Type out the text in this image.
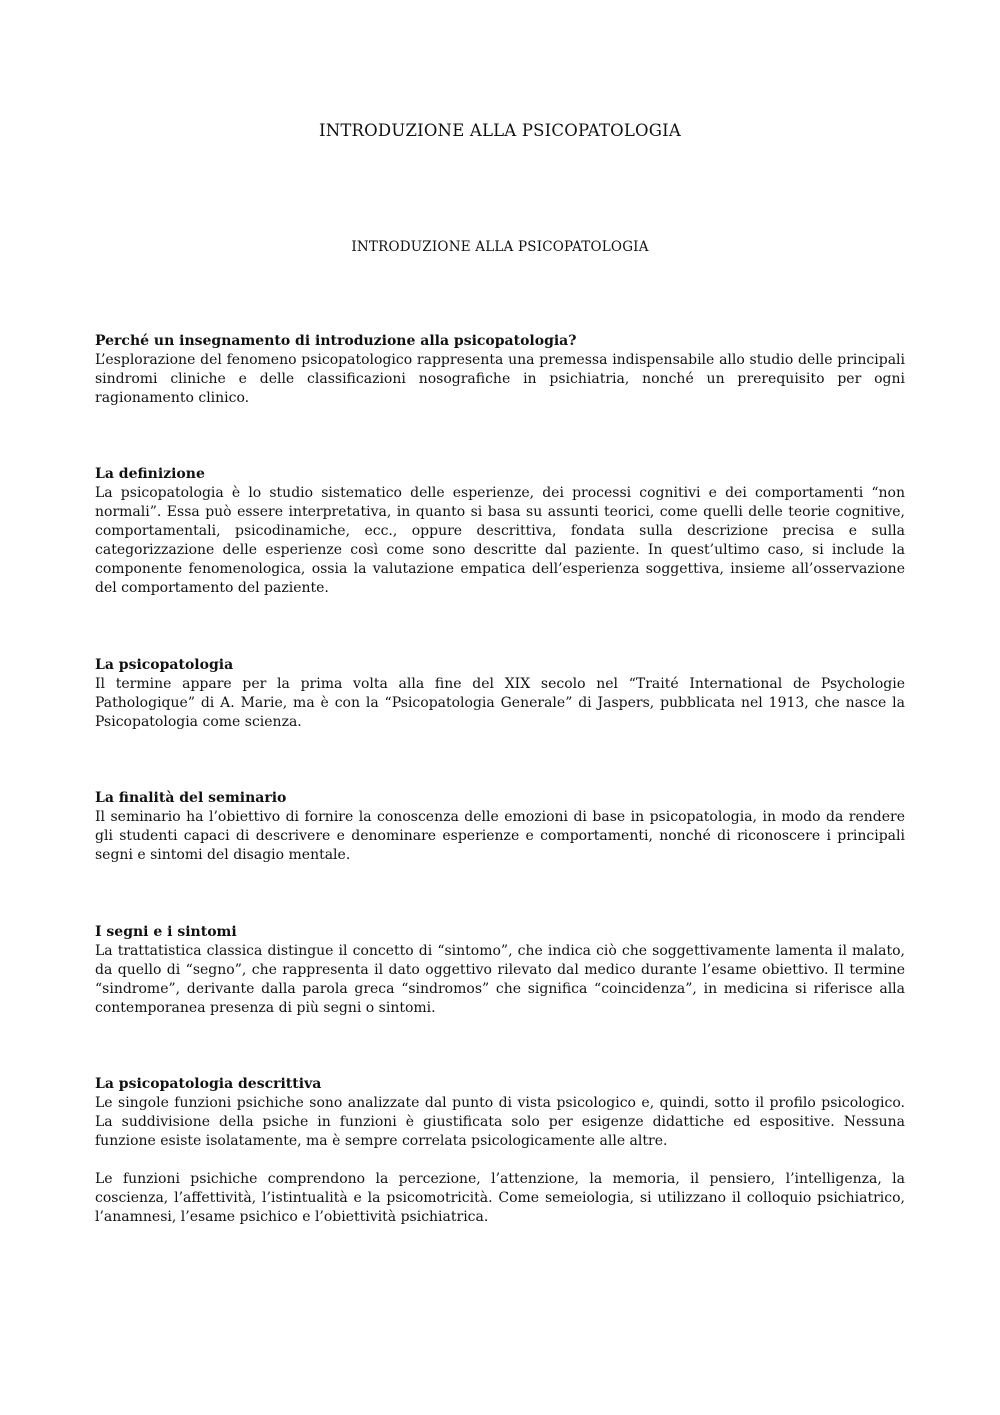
INTRODUZIONE ALLA PSICOPATOLOGIA
INTRODUZIONE ALLA PSICOPATOLOGIA
Perché un insegnamento di introduzione alla psicopatologia?

L’esplorazione del fenomeno psicopatologico rappresenta una premessa indispensabile allo studio delle principali sindromi cliniche e delle classificazioni nosografiche in psichiatria, nonché un prerequisito per ogni ragionamento clinico.

La definizione

La psicopatologia è lo studio sistematico delle esperienze, dei processi cognitivi e dei comportamenti “non normali”. Essa può essere interpretativa, in quanto si basa su assunti teorici, come quelli delle teorie cognitive, comportamentali, psicodinamiche, ecc., oppure descrittiva, fondata sulla descrizione precisa e sulla categorizzazione delle esperienze così come sono descritte dal paziente. In quest’ultimo caso, si include la componente fenomenologica, ossia la valutazione empatica dell’esperienza soggettiva, insieme all’osservazione del comportamento del paziente.

La psicopatologia

Il termine appare per la prima volta alla fine del XIX secolo nel “Traité International de Psychologie Pathologique” di A. Marie, ma è con la “Psicopatologia Generale” di Jaspers, pubblicata nel 1913, che nasce la Psicopatologia come scienza.

La finalità del seminario

Il seminario ha l’obiettivo di fornire la conoscenza delle emozioni di base in psicopatologia, in modo da rendere gli studenti capaci di descrivere e denominare esperienze e comportamenti, nonché di riconoscere i principali segni e sintomi del disagio mentale.

I segni e i sintomi

La trattatistica classica distingue il concetto di “sintomo”, che indica ciò che soggettivamente lamenta il malato, da quello di “segno”, che rappresenta il dato oggettivo rilevato dal medico durante l’esame obiettivo. Il termine “sindrome”, derivante dalla parola greca “sindromos” che significa “coincidenza”, in medicina si riferisce alla contemporanea presenza di più segni o sintomi.

La psicopatologia descrittiva

Le singole funzioni psichiche sono analizzate dal punto di vista psicologico e, quindi, sotto il profilo psicologico. La suddivisione della psiche in funzioni è giustificata solo per esigenze didattiche ed espositive. Nessuna funzione esiste isolatamente, ma è sempre correlata psicologicamente alle altre.

Le funzioni psichiche comprendono la percezione, l’attenzione, la memoria, il pensiero, l’intelligenza, la coscienza, l’affettività, l’istintualità e la psicomotricità. Come semeiologia, si utilizzano il colloquio psichiatrico, l’anamnesi, l’esame psichico e l’obiettività psichiatrica.
